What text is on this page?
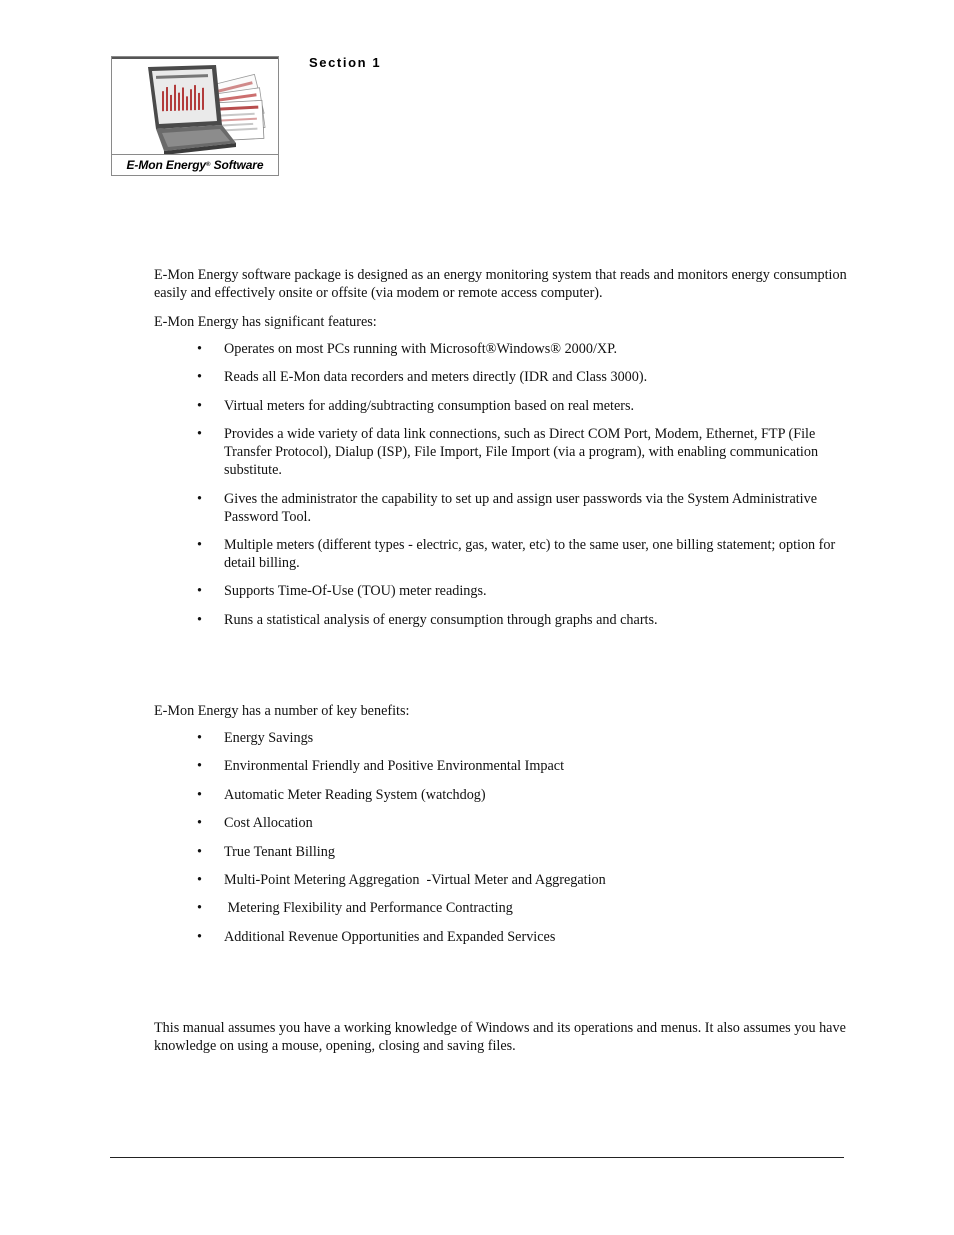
E-Mon Energy ® Software
Section 1

E-Mon Energy software package is designed as an energy monitoring system that reads and monitors energy consumption easily and effectively onsite or offsite (via modem or remote access computer).

E-Mon Energy has significant features:

• Operates on most PCs running with Microsoft®Windows® 2000/XP.
• Reads all E-Mon data recorders and meters directly (IDR and Class 3000).
• Virtual meters for adding/subtracting consumption based on real meters.
• Provides a wide variety of data link connections, such as Direct COM Port, Modem, Ethernet, FTP (File Transfer Protocol), Dialup (ISP), File Import, File Import (via a program), with enabling communication substitute.
• Gives the administrator the capability to set up and assign user passwords via the System Administrative Password Tool.
• Multiple meters (different types - electric, gas, water, etc) to the same user, one billing statement; option for detail billing.
• Supports Time-Of-Use (TOU) meter readings.
• Runs a statistical analysis of energy consumption through graphs and charts.

E-Mon Energy has a number of key benefits:

• Energy Savings
• Environmental Friendly and Positive Environmental Impact
• Automatic Meter Reading System (watchdog)
• Cost Allocation
• True Tenant Billing
• Multi-Point Metering Aggregation  -Virtual Meter and Aggregation
• Metering Flexibility and Performance Contracting
• Additional Revenue Opportunities and Expanded Services

This manual assumes you have a working knowledge of Windows and its operations and menus. It also assumes you have knowledge on using a mouse, opening, closing and saving files.
